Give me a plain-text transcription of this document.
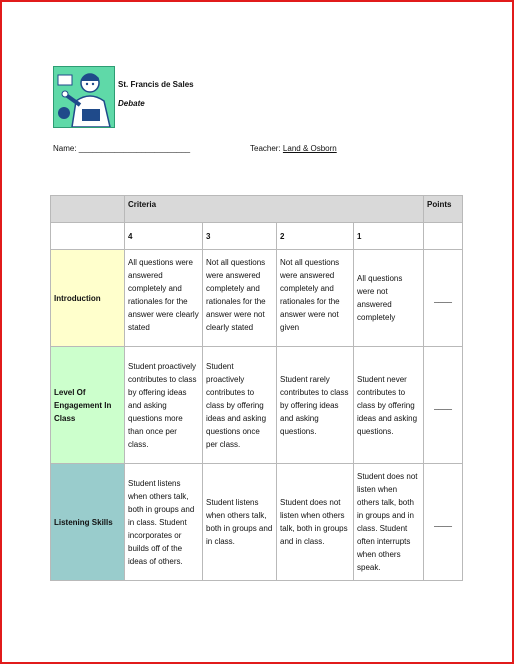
St. Francis de Sales
Debate
Name: _________________________	Teacher: Land & Osborn
	Criteria				Points
	4	3	2	1	
Introduction	All questions were answered completely and rationales for the answer were clearly stated	Not all questions were answered completely and rationales for the answer were not clearly stated	Not all questions were answered completely and rationales for the answer were not given	All questions were not answered completely	____
Level Of Engagement In Class	Student proactively contributes to class by offering ideas and asking questions more than once per class.	Student proactively contributes to class by offering ideas and asking questions once per class.	Student rarely contributes to class by offering ideas and asking questions.	Student never contributes to class by offering ideas and asking questions.	____
Listening Skills	Student listens when others talk, both in groups and in class. Student incorporates or builds off of the ideas of others.	Student listens when others talk, both in groups and in class.	Student does not listen when others talk, both in groups and in class.	Student does not listen when others talk, both in groups and in class. Student often interrupts when others speak.	____
